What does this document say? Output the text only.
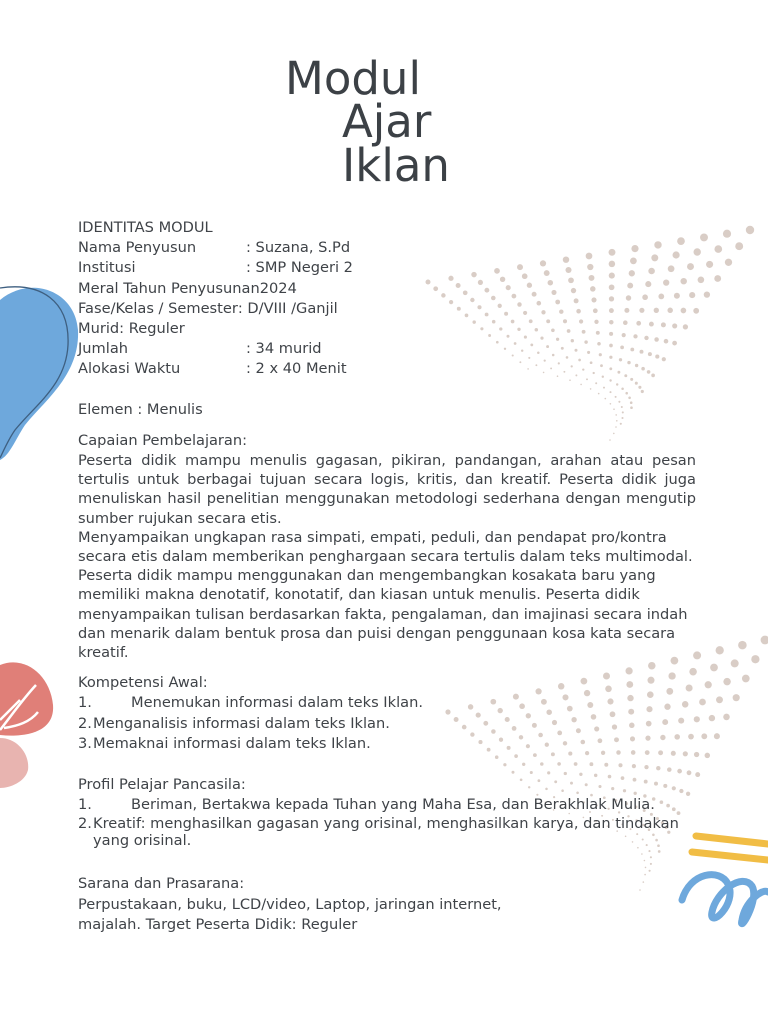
Modul
Ajar
Iklan
IDENTITAS MODUL
Nama Penyusun	: Suzana, S.Pd
Institusi	: SMP Negeri 2
Meral Tahun Penyusunan 2024
Fase/Kelas / Semester : D/VIII /Ganjil
Murid : Reguler
Jumlah	: 34 murid
Alokasi Waktu	: 2 x 40 Menit
Elemen : Menulis
Capaian Pembelajaran:
Peserta didik mampu menulis gagasan, pikiran, pandangan, arahan atau pesan tertulis untuk berbagai tujuan secara logis, kritis, dan kreatif. Peserta didik juga menuliskan hasil penelitian menggunakan metodologi sederhana dengan mengutip sumber rujukan secara etis.
Menyampaikan ungkapan rasa simpati, empati, peduli, dan pendapat pro/kontra secara etis dalam memberikan penghargaan secara tertulis dalam teks multimodal. Peserta didik mampu menggunakan dan mengembangkan kosakata baru yang memiliki makna denotatif, konotatif, dan kiasan untuk menulis. Peserta didik menyampaikan tulisan berdasarkan fakta, pengalaman, dan imajinasi secara indah dan menarik dalam bentuk prosa dan puisi dengan penggunaan kosa kata secara kreatif.
Kompetensi Awal:
1.	Menemukan informasi dalam teks Iklan.
2. Menganalisis informasi dalam teks Iklan.
3. Memaknai informasi dalam teks Iklan.
Profil Pelajar Pancasila:
1.	Beriman, Bertakwa kepada Tuhan yang Maha Esa, dan Berakhlak Mulia.
2. Kreatif: menghasilkan gagasan yang orisinal, menghasilkan karya, dan tindakan yang orisinal.
Sarana dan Prasarana:
Perpustakaan, buku, LCD/video, Laptop, jaringan internet, majalah. Target Peserta Didik: Reguler
